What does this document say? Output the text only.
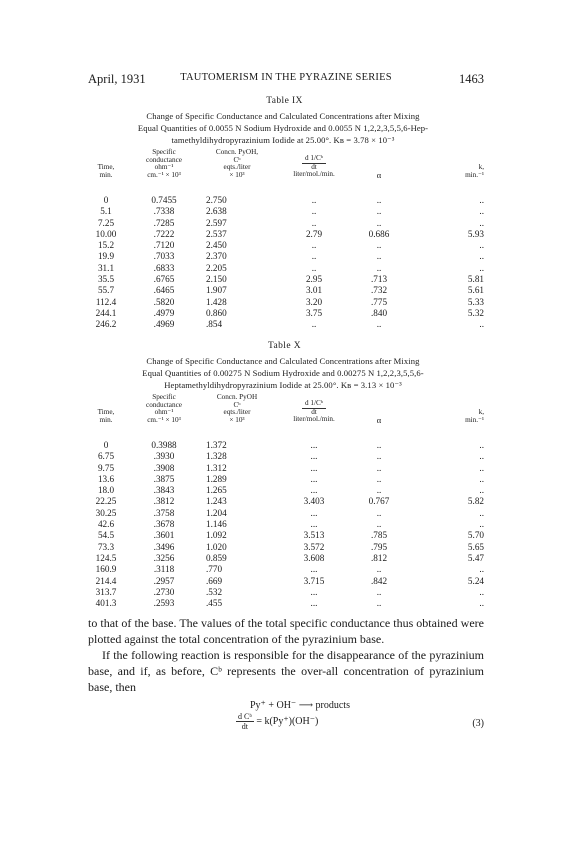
April, 1931	TAUTOMERISM IN THE PYRAZINE SERIES	1463
Table IX
Change of Specific Conductance and Calculated Concentrations after Mixing
Equal Quantities of 0.0055 N Sodium Hydroxide and 0.0055 N 1,2,2,3,5,5,6-Hep-
tamethyldihydropyrazinium Iodide at 25.00°. Kʙ = 3.78 × 10⁻³
Time,
min.
Specific
conductance
ohm⁻¹
cm.⁻¹ × 10³
Concn. PyOH,
Cᵇ
eqts./liter
× 10³
d 1/Cᵇ
dt
liter/mol./min.	α
k,
min.⁻¹
0	0.7455	2.750	..	..	..
5.1	.7338	2.638	..	..	..
7.25	.7285	2.597	..	..	..
10.00	.7222	2.537	2.79	0.686	5.93
15.2	.7120	2.450	..	..	..
19.9	.7033	2.370	..	..	..
31.1	.6833	2.205	..	..	..
35.5	.6765	2.150	2.95	.713	5.81
55.7	.6465	1.907	3.01	.732	5.61
112.4	.5820	1.428	3.20	.775	5.33
244.1	.4979	0.860	3.75	.840	5.32
246.2	.4969	.854	..	..	..
Table X
Change of Specific Conductance and Calculated Concentrations after Mixing
Equal Quantities of 0.00275 N Sodium Hydroxide and 0.00275 N 1,2,2,3,5,5,6-
Heptamethyldihydropyrazinium Iodide at 25.00°. Kʙ = 3.13 × 10⁻³
Time,
min.
Specific
conductance
ohm⁻¹
cm.⁻¹ × 10³
Concn. PyOH
Cᵇ
eqts./liter
× 10³
d 1/Cᵇ
dt
liter/mol./min.	α
k,
min.⁻¹
0	0.3988	1.372	...	..	..
6.75	.3930	1.328	...	..	..
9.75	.3908	1.312	...	..	..
13.6	.3875	1.289	...	..	..
18.0	.3843	1.265	...	..	..
22.25	.3812	1.243	3.403	0.767	5.82
30.25	.3758	1.204	...	..	..
42.6	.3678	1.146	...	..	..
54.5	.3601	1.092	3.513	.785	5.70
73.3	.3496	1.020	3.572	.795	5.65
124.5	.3256	0.859	3.608	.812	5.47
160.9	.3118	.770	...	..	..
214.4	.2957	.669	3.715	.842	5.24
313.7	.2730	.532	...	..	..
401.3	.2593	.455	...	..	..

to that of the base. The values of the total specific conductance thus obtained were plotted against the total concentration of the pyrazinium base.

If the following reaction is responsible for the disappearance of the pyrazinium base, and if, as before, Cᵇ represents the over-all concentration of pyrazinium base, then

Py⁺ + OH⁻ ⟶ products
$\frac{\text{d Cᵇ}}{dt} = k(Py^+)(OH^-)$	(3)
